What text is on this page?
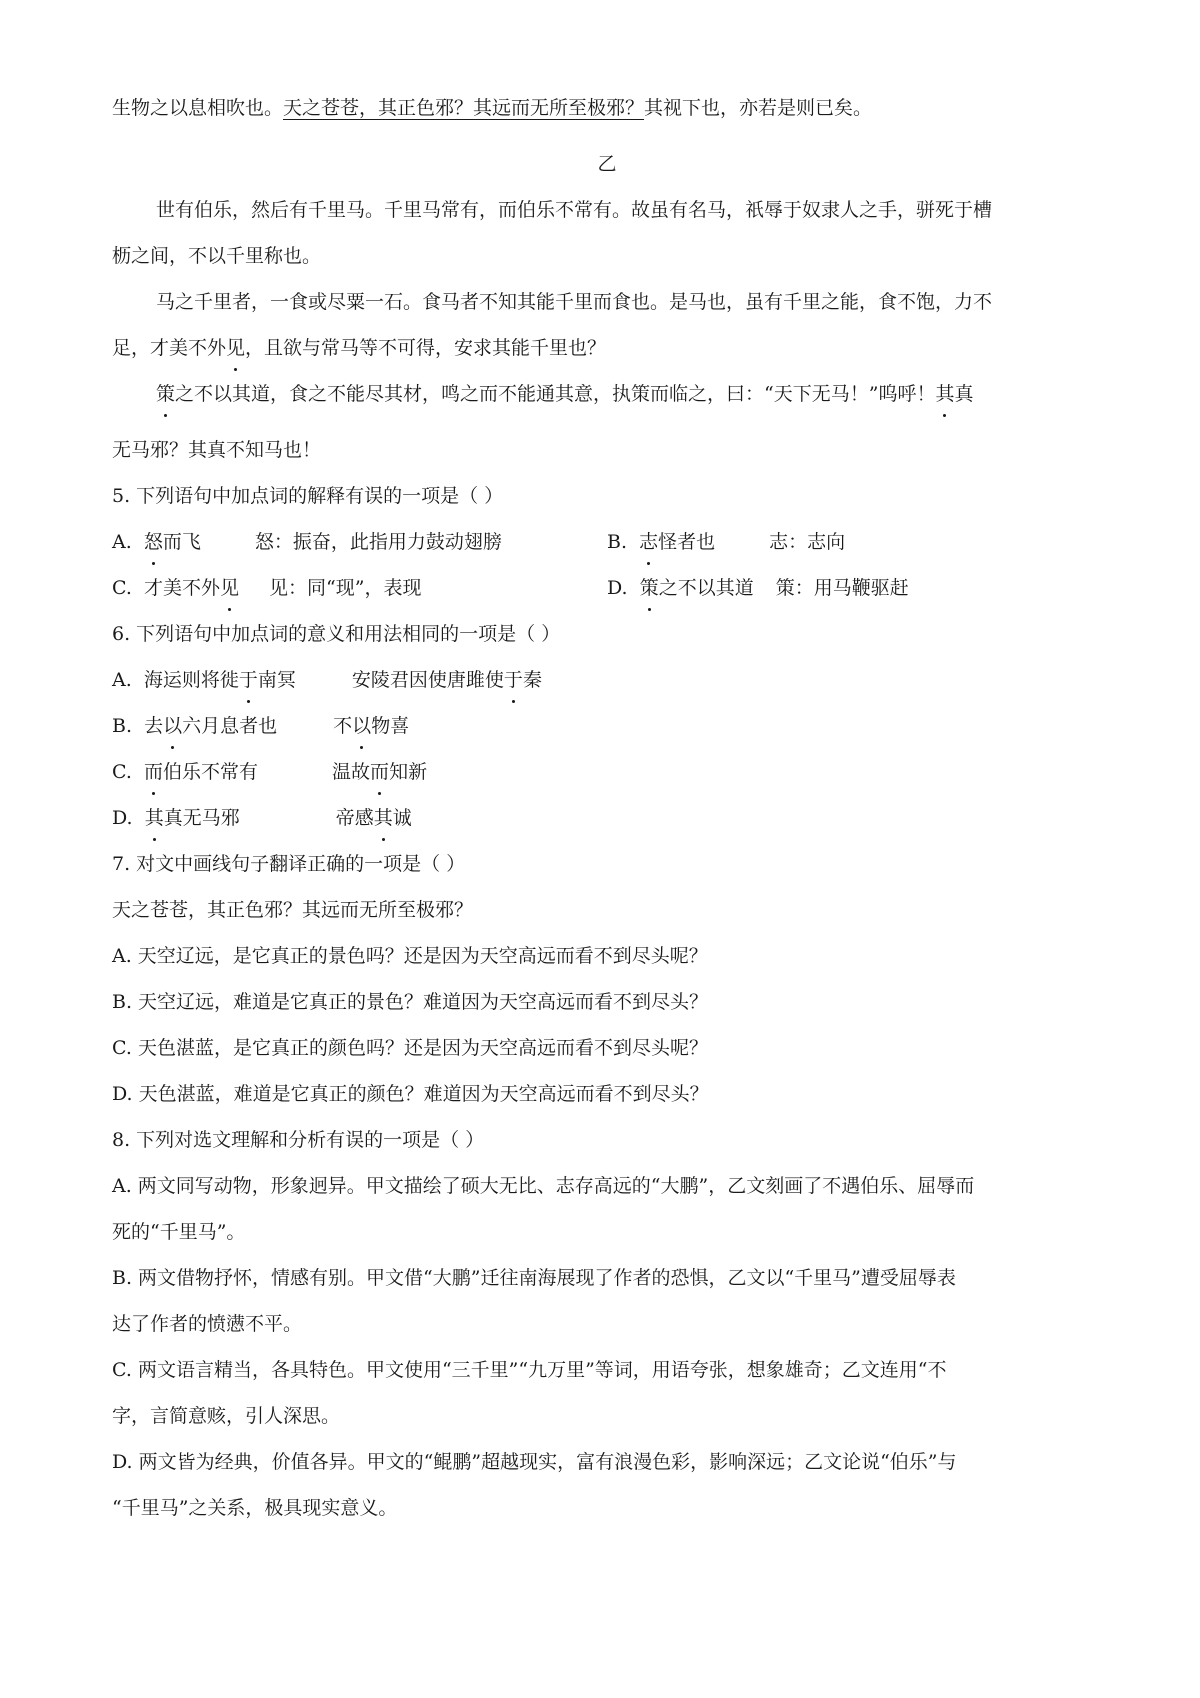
生物之以息相吹也。天之苍苍，其正色邪？其远而无所至极邪？其视下也，亦若是则已矣。
乙
世有伯乐，然后有千里马。千里马常有，而伯乐不常有。故虽有名马，祇辱于奴隶人之手，骈死于槽
枥之间，不以千里称也。
马之千里者，一食或尽粟一石。食马者不知其能千里而食也。是马也，虽有千里之能，食不饱，力不
足，才美不外见，且欲与常马等不可得，安求其能千里也？
策之不以其道，食之不能尽其材，鸣之而不能通其意，执策而临之，曰：“天下无马！”呜呼！其真
无马邪？其真不知马也！
5. 下列语句中加点词的解释有误的一项是（ ）
A. 怒而飞	怒：振奋，此指用力鼓动翅膀	B. 志怪者也	志：志向
C. 才美不外见 见：同“现”，表现	D. 策之不以其道 策：用马鞭驱赶
6. 下列语句中加点词的意义和用法相同的一项是（ ）
A. 海运则将徙于南冥	安陵君因使唐雎使于秦
B. 去以六月息者也	不以物喜
C. 而伯乐不常有	温故而知新
D. 其真无马邪	帝感其诚
7. 对文中画线句子翻译正确的一项是（ ）
天之苍苍，其正色邪？其远而无所至极邪？
A. 天空辽远，是它真正的景色吗？还是因为天空高远而看不到尽头呢？
B. 天空辽远，难道是它真正的景色？难道因为天空高远而看不到尽头？
C. 天色湛蓝，是它真正的颜色吗？还是因为天空高远而看不到尽头呢？
D. 天色湛蓝，难道是它真正的颜色？难道因为天空高远而看不到尽头？
8. 下列对选文理解和分析有误的一项是（ ）
A. 两文同写动物，形象迥异。甲文描绘了硕大无比、志存高远的“大鹏”，乙文刻画了不遇伯乐、屈辱而
死的“千里马”。
B. 两文借物抒怀，情感有别。甲文借“大鹏”迁往南海展现了作者的恐惧，乙文以“千里马”遭受屈辱表
达了作者的愤懑不平。
C. 两文语言精当，各具特色。甲文使用“三千里”“九万里”等词，用语夸张，想象雄奇；乙文连用“不
字，言简意赅，引人深思。
D. 两文皆为经典，价值各异。甲文的“鲲鹏”超越现实，富有浪漫色彩，影响深远；乙文论说“伯乐”与
“千里马”之关系，极具现实意义。
